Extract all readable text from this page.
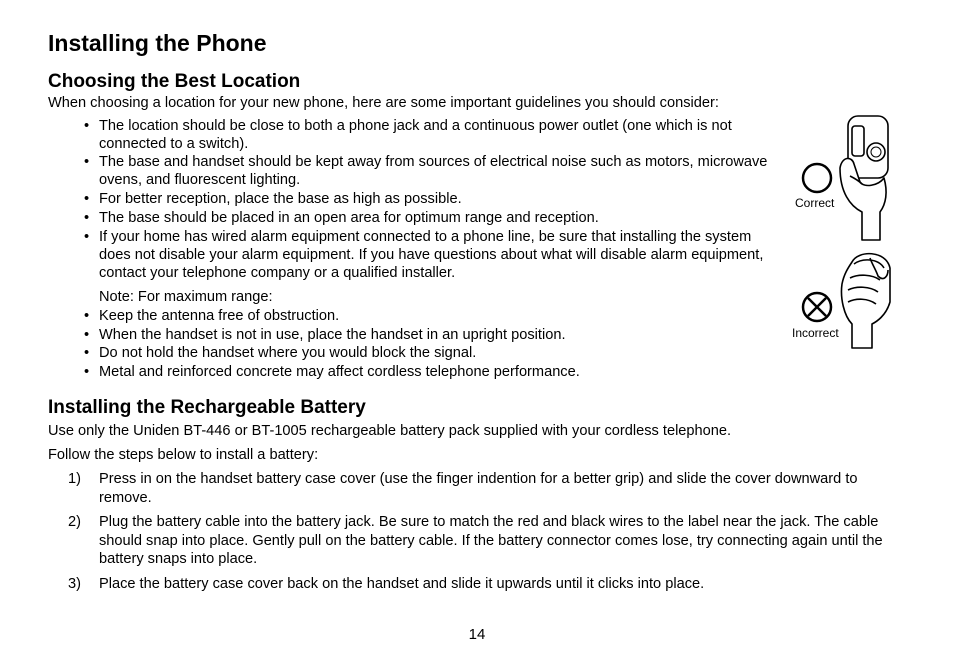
Installing the Phone
Choosing the Best Location

When choosing a location for your new phone, here are some important guidelines you should consider:

• The location should be close to both a phone jack and a continuous power outlet (one which is not connected to a switch).
• The base and handset should be kept away from sources of electrical noise such as motors, microwave ovens, and fluorescent lighting.
• For better reception, place the base as high as possible.
• The base should be placed in an open area for optimum range and reception.
• If your home has wired alarm equipment connected to a phone line, be sure that installing the system does not disable your alarm equipment. If you have questions about what will disable alarm equipment, contact your telephone company or a qualified installer.
Note: For maximum range:
• Keep the antenna free of obstruction.
• When the handset is not in use, place the handset in an upright position.
• Do not hold the handset where you would block the signal.
• Metal and reinforced concrete may affect cordless telephone performance.
Installing the Rechargeable Battery

Use only the Uniden BT-446 or BT-1005 rechargeable battery pack supplied with your cordless telephone.

Follow the steps below to install a battery:

1) Press in on the handset battery case cover (use the finger indention for a better grip) and slide the cover downward to remove.
2) Plug the battery cable into the battery jack. Be sure to match the red and black wires to the label near the jack. The cable should snap into place. Gently pull on the battery cable. If the battery connector comes lose, try connecting again until the battery snaps into place.
3) Place the battery case cover back on the handset and slide it upwards until it clicks into place.
Correct
Incorrect
14
